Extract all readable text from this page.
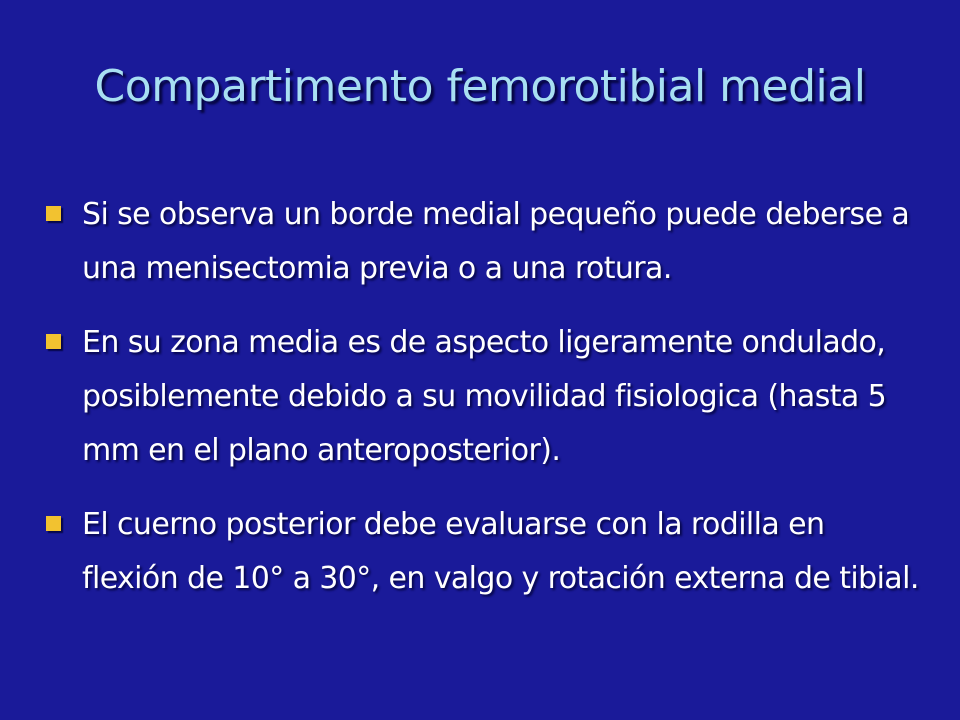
Compartimento femorotibial medial
Si se observa un borde medial pequeño puede deberse a una menisectomia previa o a una rotura.
En su zona media es de aspecto ligeramente ondulado, posiblemente debido a su movilidad fisiologica (hasta 5 mm en el plano anteroposterior).
El cuerno posterior debe evaluarse con la rodilla en flexión de 10° a 30°, en valgo y rotación externa de tibial.
